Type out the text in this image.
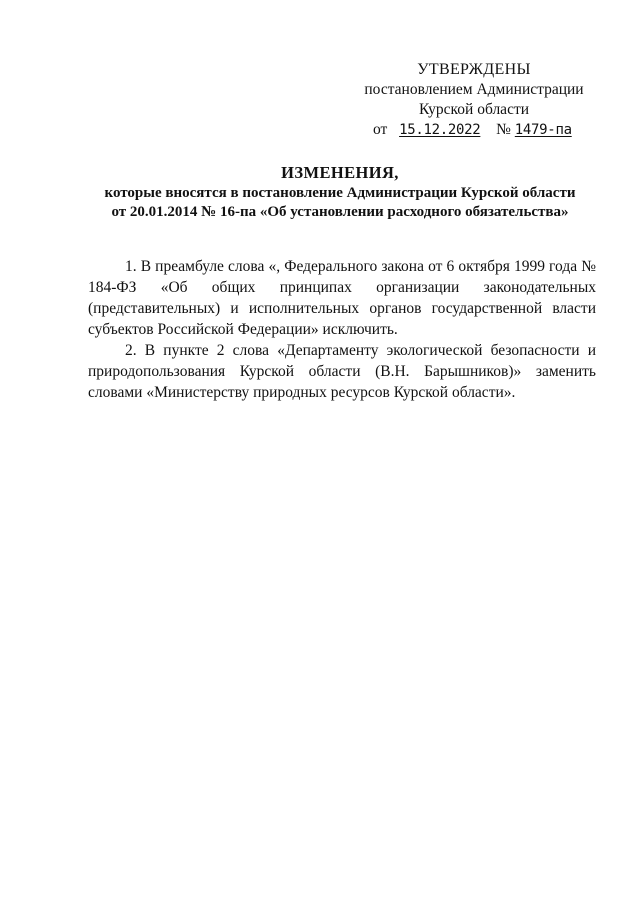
УТВЕРЖДЕНЫ
постановлением Администрации
Курской области
от 15.12.2022 № 1479-па
ИЗМЕНЕНИЯ,
которые вносятся в постановление Администрации Курской области
от 20.01.2014 № 16-па «Об установлении расходного обязательства»

1. В преамбуле слова «, Федерального закона от 6 октября 1999 года № 184-ФЗ «Об общих принципах организации законодательных (представительных) и исполнительных органов государственной власти субъектов Российской Федерации» исключить.

2. В пункте 2 слова «Департаменту экологической безопасности и природопользования Курской области (В.Н. Барышников)» заменить словами «Министерству природных ресурсов Курской области».
